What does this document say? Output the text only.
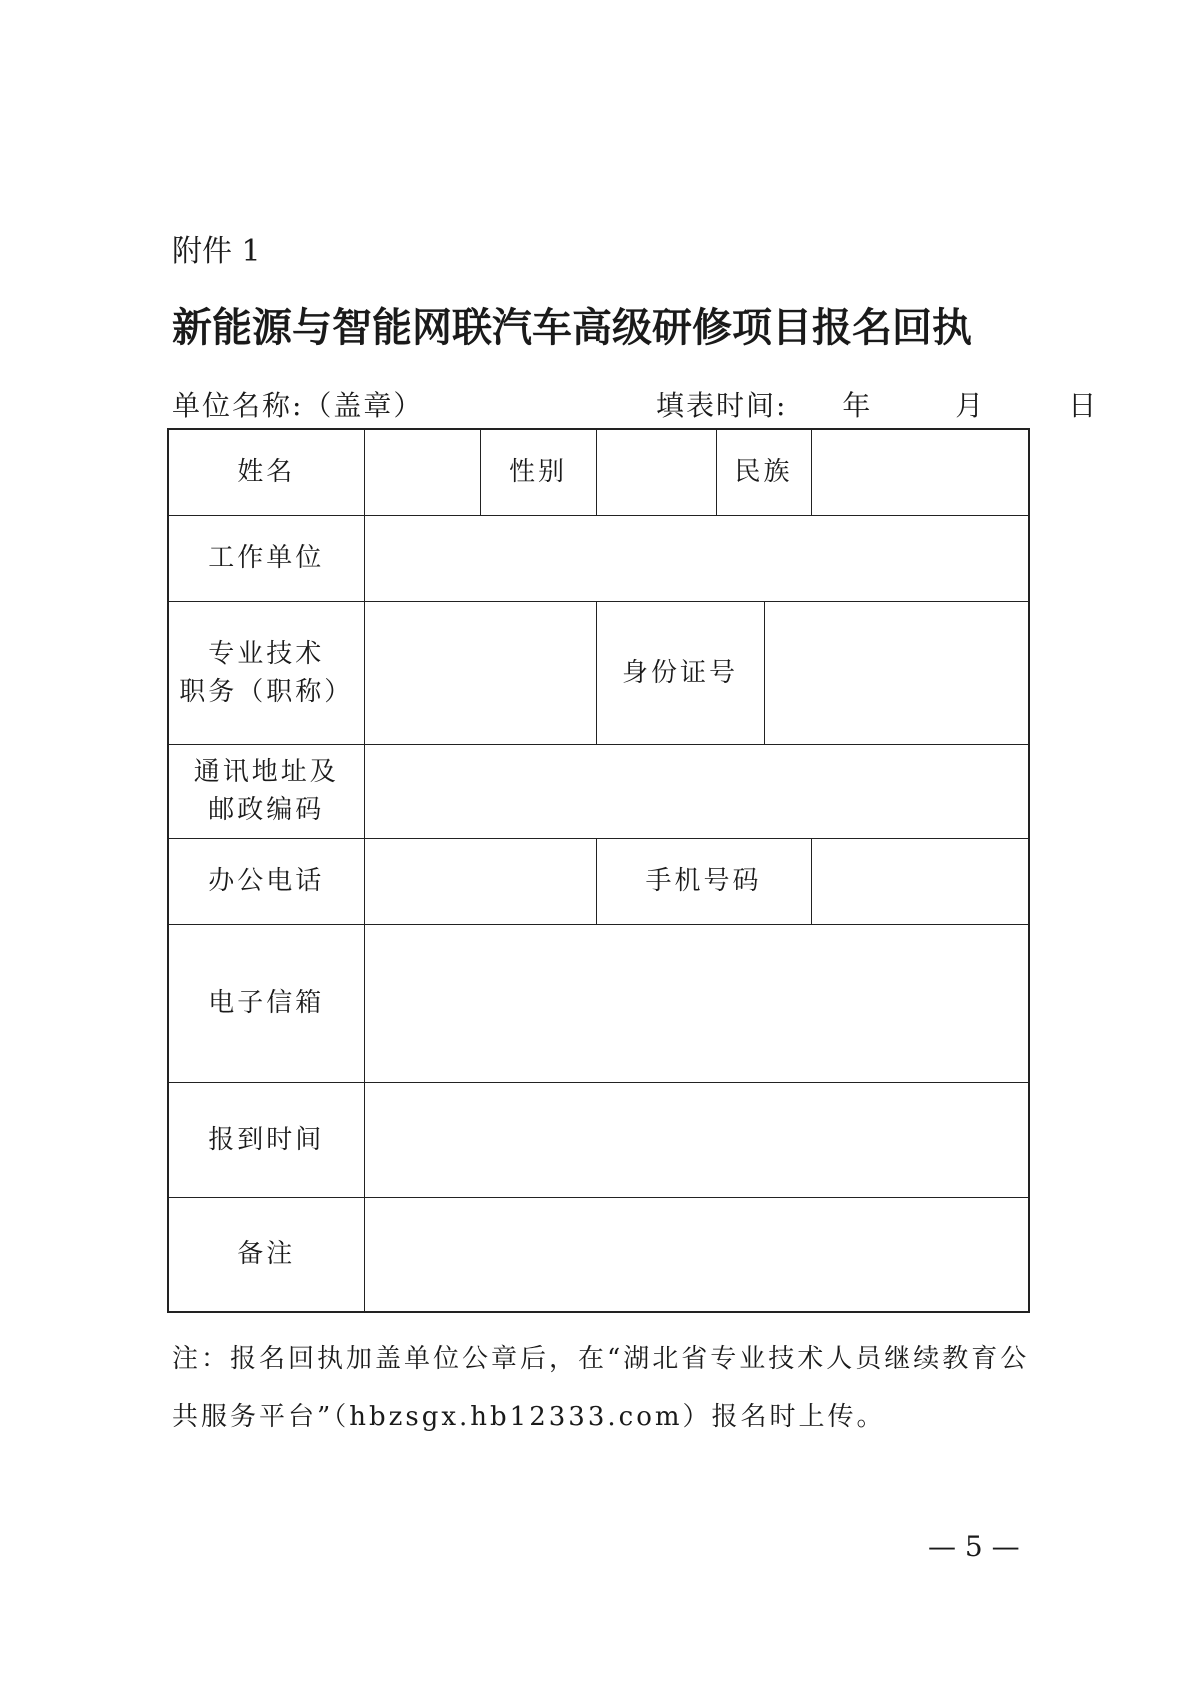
附件 1
新能源与智能网联汽车高级研修项目报名回执
单位名称:（盖章）	填表时间: 年	月	日
姓名		性别		民族		
工作单位						

专业技术
职务（职称）			身份证号			

通讯地址及
邮政编码						

办公电话			手机号码			
电子信箱						
报到时间						
备注						
注：报名回执加盖单位公章后，在“湖北省专业技术人员继续教育公共服务平台”（hbzsgx.hb12333.com）报名时上传。
— 5 —
